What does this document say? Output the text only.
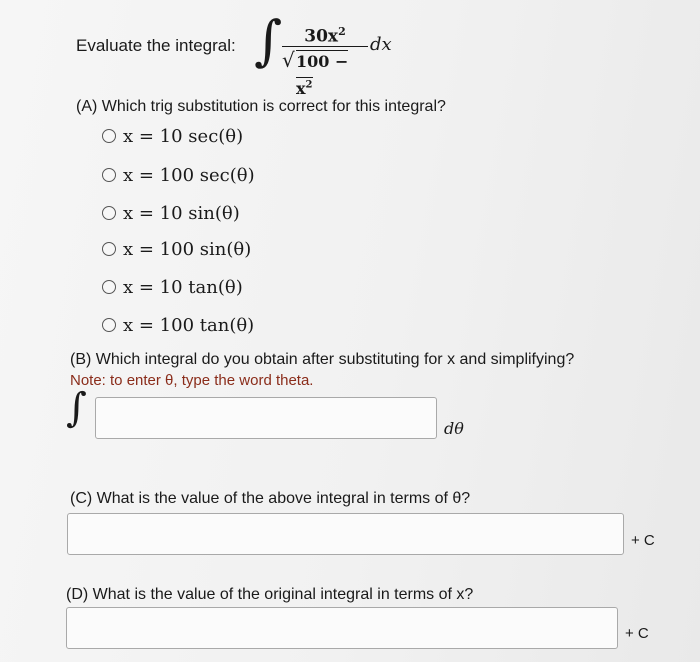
Evaluate the integral: ∫	$30x^2$
√ $100 - x^2$
dx
(A) Which trig substitution is correct for this integral?
x = 10 sec(θ)
x = 100 sec(θ)
x = 10 sin(θ)
x = 100 sin(θ)
x = 10 tan(θ)
x = 100 tan(θ)
(B) Which integral do you obtain after substituting for x and simplifying?
Note: to enter θ, type the word theta.
∫	dθ
(C) What is the value of the above integral in terms of θ?
+ C
(D) What is the value of the original integral in terms of x?
+ C
